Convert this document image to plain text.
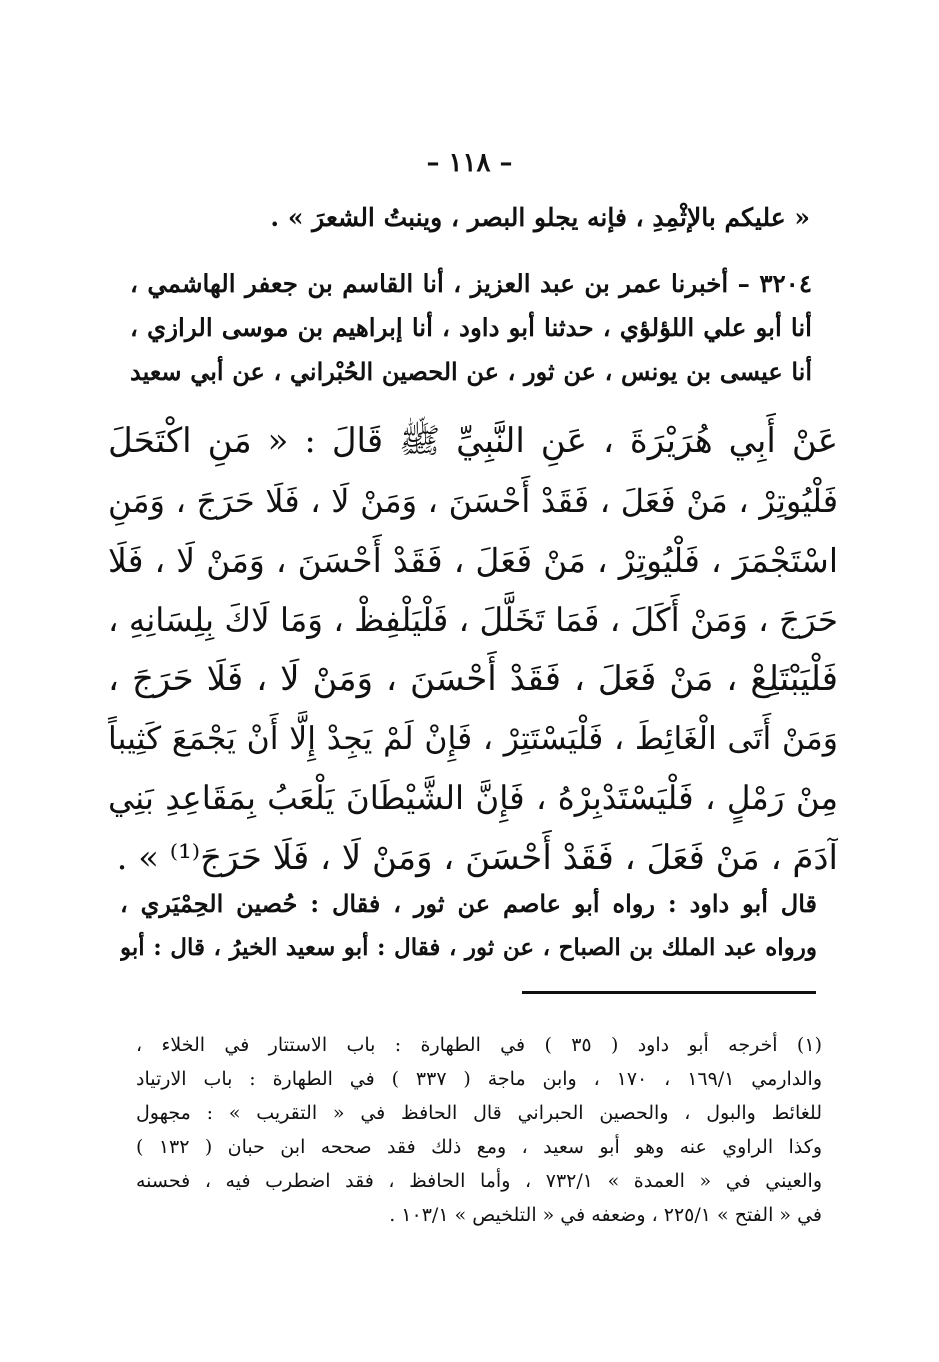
– ١١٨ –
« عليكم بالإثْمِدِ ، فإنه يجلو البصر ، وينبتُ الشعرَ » .
٣٢٠٤ – أخبرنا عمر بن عبد العزيز ، أنا القاسم بن جعفر الهاشمي ،
أنا أبو علي اللؤلؤي ، حدثنا أبو داود ، أنا إبراهيم بن موسى الرازي ،
أنا عيسى بن يونس ، عن ثور ، عن الحصين الحُبْراني ، عن أبي سعيد
عَنْ أَبِي هُرَيْرَةَ ، عَنِ النَّبِيِّ ﷺ قَالَ : « مَنِ اكْتَحَلَ
فَلْيُوتِرْ ، مَنْ فَعَلَ ، فَقَدْ أَحْسَنَ ، وَمَنْ لَا ، فَلَا حَرَجَ ، وَمَنِ
اسْتَجْمَرَ ، فَلْيُوتِرْ ، مَنْ فَعَلَ ، فَقَدْ أَحْسَنَ ، وَمَنْ لَا ، فَلَا
حَرَجَ ، وَمَنْ أَكَلَ ، فَمَا تَخَلَّلَ ، فَلْيَلْفِظْ ، وَمَا لَاكَ بِلِسَانِهِ ،
فَلْيَبْتَلِعْ ، مَنْ فَعَلَ ، فَقَدْ أَحْسَنَ ، وَمَنْ لَا ، فَلَا حَرَجَ ،
وَمَنْ أَتَى الْغَائِطَ ، فَلْيَسْتَتِرْ ، فَإِنْ لَمْ يَجِدْ إِلَّا أَنْ يَجْمَعَ كَثِيباً
مِنْ رَمْلٍ ، فَلْيَسْتَدْبِرْهُ ، فَإِنَّ الشَّيْطَانَ يَلْعَبُ بِمَقَاعِدِ بَنِي
آدَمَ ، مَنْ فَعَلَ ، فَقَدْ أَحْسَنَ ، وَمَنْ لَا ، فَلَا حَرَجَ⁽¹⁾ » .
قال أبو داود : رواه أبو عاصم عن ثور ، فقال : حُصين الحِمْيَري ،
ورواه عبد الملك بن الصباح ، عن ثور ، فقال : أبو سعيد الخيرُ ، قال : أبو
(١) أخرجه أبو داود ( ٣٥ ) في الطهارة : باب الاستتار في الخلاء ،
والدارمي ١٦٩/١ ، ١٧٠ ، وابن ماجة ( ٣٣٧ ) في الطهارة : باب الارتياد
للغائط والبول ، والحصين الحبراني قال الحافظ في « التقريب » : مجهول
وكذا الراوي عنه وهو أبو سعيد ، ومع ذلك فقد صححه ابن حبان ( ١٣٢ )
والعيني في « العمدة » ٧٣٢/١ ، وأما الحافظ ، فقد اضطرب فيه ، فحسنه
في « الفتح » ٢٢٥/١ ، وضعفه في « التلخيص » ١٠٣/١ .
